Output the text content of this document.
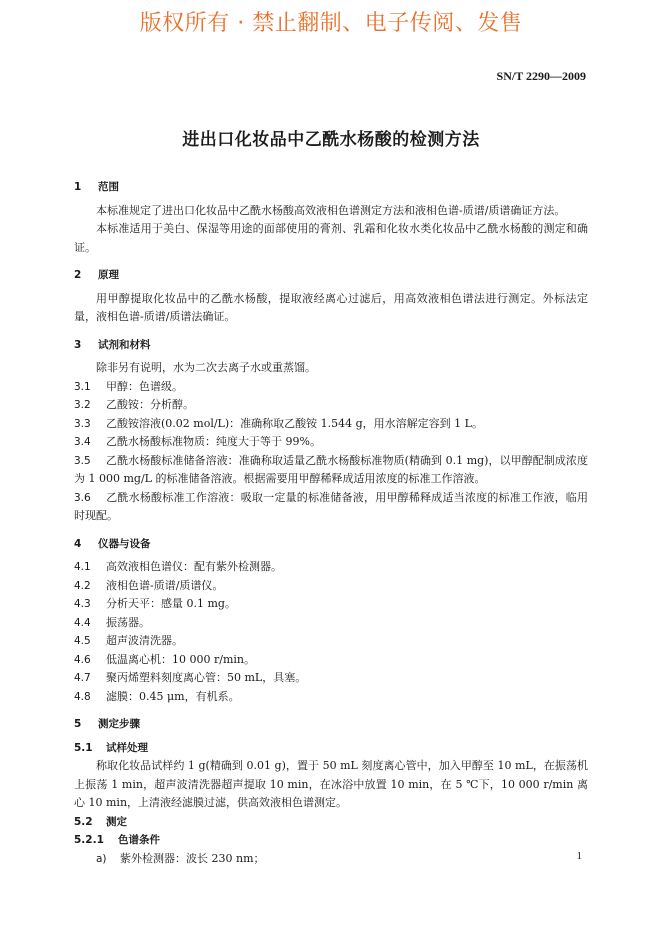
版权所有 · 禁止翻制、电子传阅、发售
SN/T 2290—2009
进出口化妆品中乙酰水杨酸的检测方法
1 范围
本标准规定了进出口化妆品中乙酰水杨酸高效液相色谱测定方法和液相色谱-质谱/质谱确证方法。
本标准适用于美白、保湿等用途的面部使用的膏剂、乳霜和化妆水类化妆品中乙酰水杨酸的测定和确证。
2 原理
用甲醇提取化妆品中的乙酰水杨酸，提取液经离心过滤后，用高效液相色谱法进行测定。外标法定量，液相色谱-质谱/质谱法确证。
3 试剂和材料
除非另有说明，水为二次去离子水或重蒸馏。
3.1 甲醇：色谱级。
3.2 乙酸铵：分析醇。
3.3 乙酸铵溶液(0.02 mol/L)：准确称取乙酸铵 1.544 g，用水溶解定容到 1 L。
3.4 乙酰水杨酸标准物质：纯度大于等于 99%。
3.5 乙酰水杨酸标准储备溶液：准确称取适量乙酰水杨酸标准物质(精确到 0.1 mg)，以甲醇配制成浓度为 1 000 mg/L 的标准储备溶液。根据需要用甲醇稀释成适用浓度的标准工作溶液。
3.6 乙酰水杨酸标准工作溶液：吸取一定量的标准储备液，用甲醇稀释成适当浓度的标准工作液，临用时现配。
4 仪器与设备
4.1 高效液相色谱仪：配有紫外检测器。
4.2 液相色谱-质谱/质谱仪。
4.3 分析天平：感量 0.1 mg。
4.4 振荡器。
4.5 超声波清洗器。
4.6 低温离心机：10 000 r/min。
4.7 聚丙烯塑料刻度离心管：50 mL，具塞。
4.8 滤膜：0.45 μm，有机系。
5 测定步骤
5.1 试样处理
称取化妆品试样约 1 g(精确到 0.01 g)，置于 50 mL 刻度离心管中，加入甲醇至 10 mL，在振荡机上振荡 1 min，超声波清洗器超声提取 10 min，在冰浴中放置 10 min，在 5 ℃下，10 000 r/min 离心 10 min，上清液经滤膜过滤，供高效液相色谱测定。
5.2 测定
5.2.1 色谱条件
a) 紫外检测器：波长 230 nm；	1
